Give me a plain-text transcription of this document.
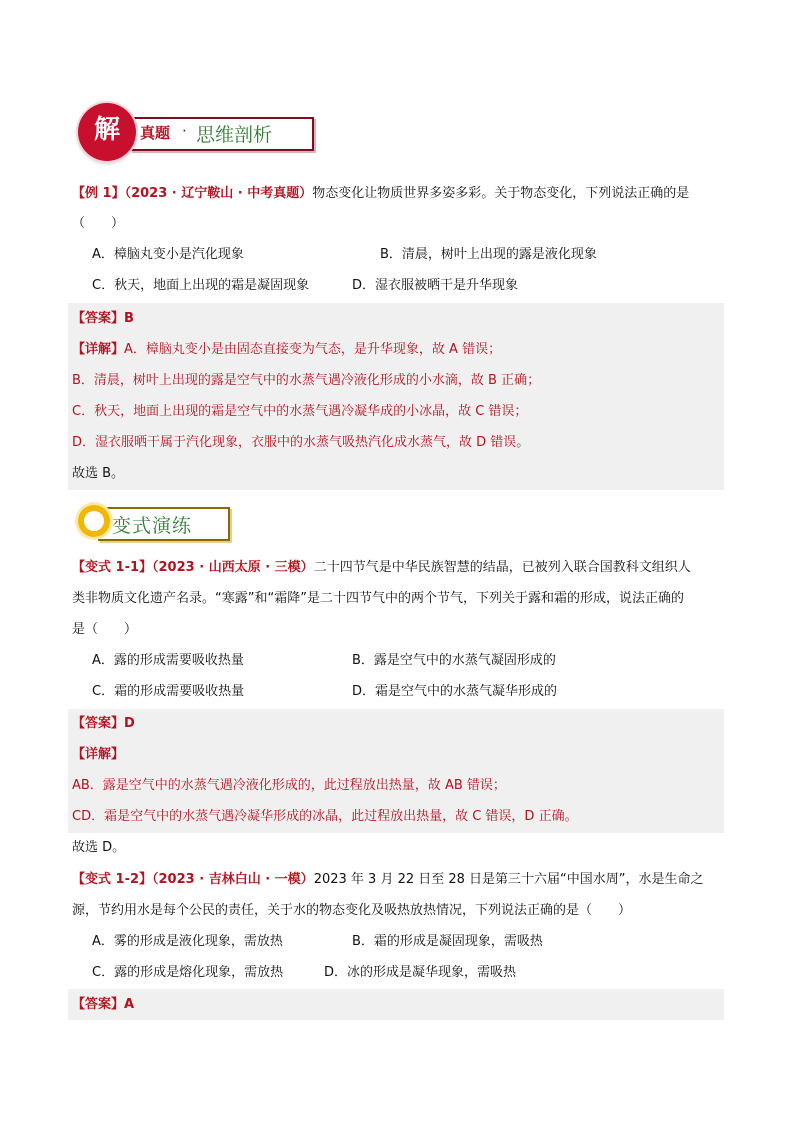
解	真题 · 思维剖析
【例 1】（2023 · 辽宁鞍山 · 中考真题）物态变化让物质世界多姿多彩。关于物态变化，下列说法正确的是
（　　）
A．樟脑丸变小是汽化现象	B．清晨，树叶上出现的露是液化现象
C．秋天，地面上出现的霜是凝固现象	D．湿衣服被晒干是升华现象
【答案】B
【详解】A．樟脑丸变小是由固态直接变为气态，是升华现象，故 A 错误；
B．清晨，树叶上出现的露是空气中的水蒸气遇冷液化形成的小水滴，故 B 正确；
C．秋天，地面上出现的霜是空气中的水蒸气遇冷凝华成的小冰晶，故 C 错误；
D．湿衣服晒干属于汽化现象，衣服中的水蒸气吸热汽化成水蒸气，故 D 错误。
故选 B。
变式演练
【变式 1-1】（2023 · 山西太原 · 三模）二十四节气是中华民族智慧的结晶，已被列入联合国教科文组织人
类非物质文化遗产名录。“寒露”和“霜降”是二十四节气中的两个节气，下列关于露和霜的形成，说法正确的
是（　　）
A．露的形成需要吸收热量	B．露是空气中的水蒸气凝固形成的
C．霜的形成需要吸收热量	D．霜是空气中的水蒸气凝华形成的
【答案】D
【详解】
AB．露是空气中的水蒸气遇冷液化形成的，此过程放出热量，故 AB 错误；
CD．霜是空气中的水蒸气遇冷凝华形成的冰晶，此过程放出热量，故 C 错误，D 正确。
故选 D。
【变式 1-2】（2023 · 吉林白山 · 一模）2023 年 3 月 22 日至 28 日是第三十六届“中国水周”，水是生命之
源，节约用水是每个公民的责任，关于水的物态变化及吸热放热情况，下列说法正确的是（　　）
A．雾的形成是液化现象，需放热	B．霜的形成是凝固现象，需吸热
C．露的形成是熔化现象，需放热	D．冰的形成是凝华现象，需吸热
【答案】A
